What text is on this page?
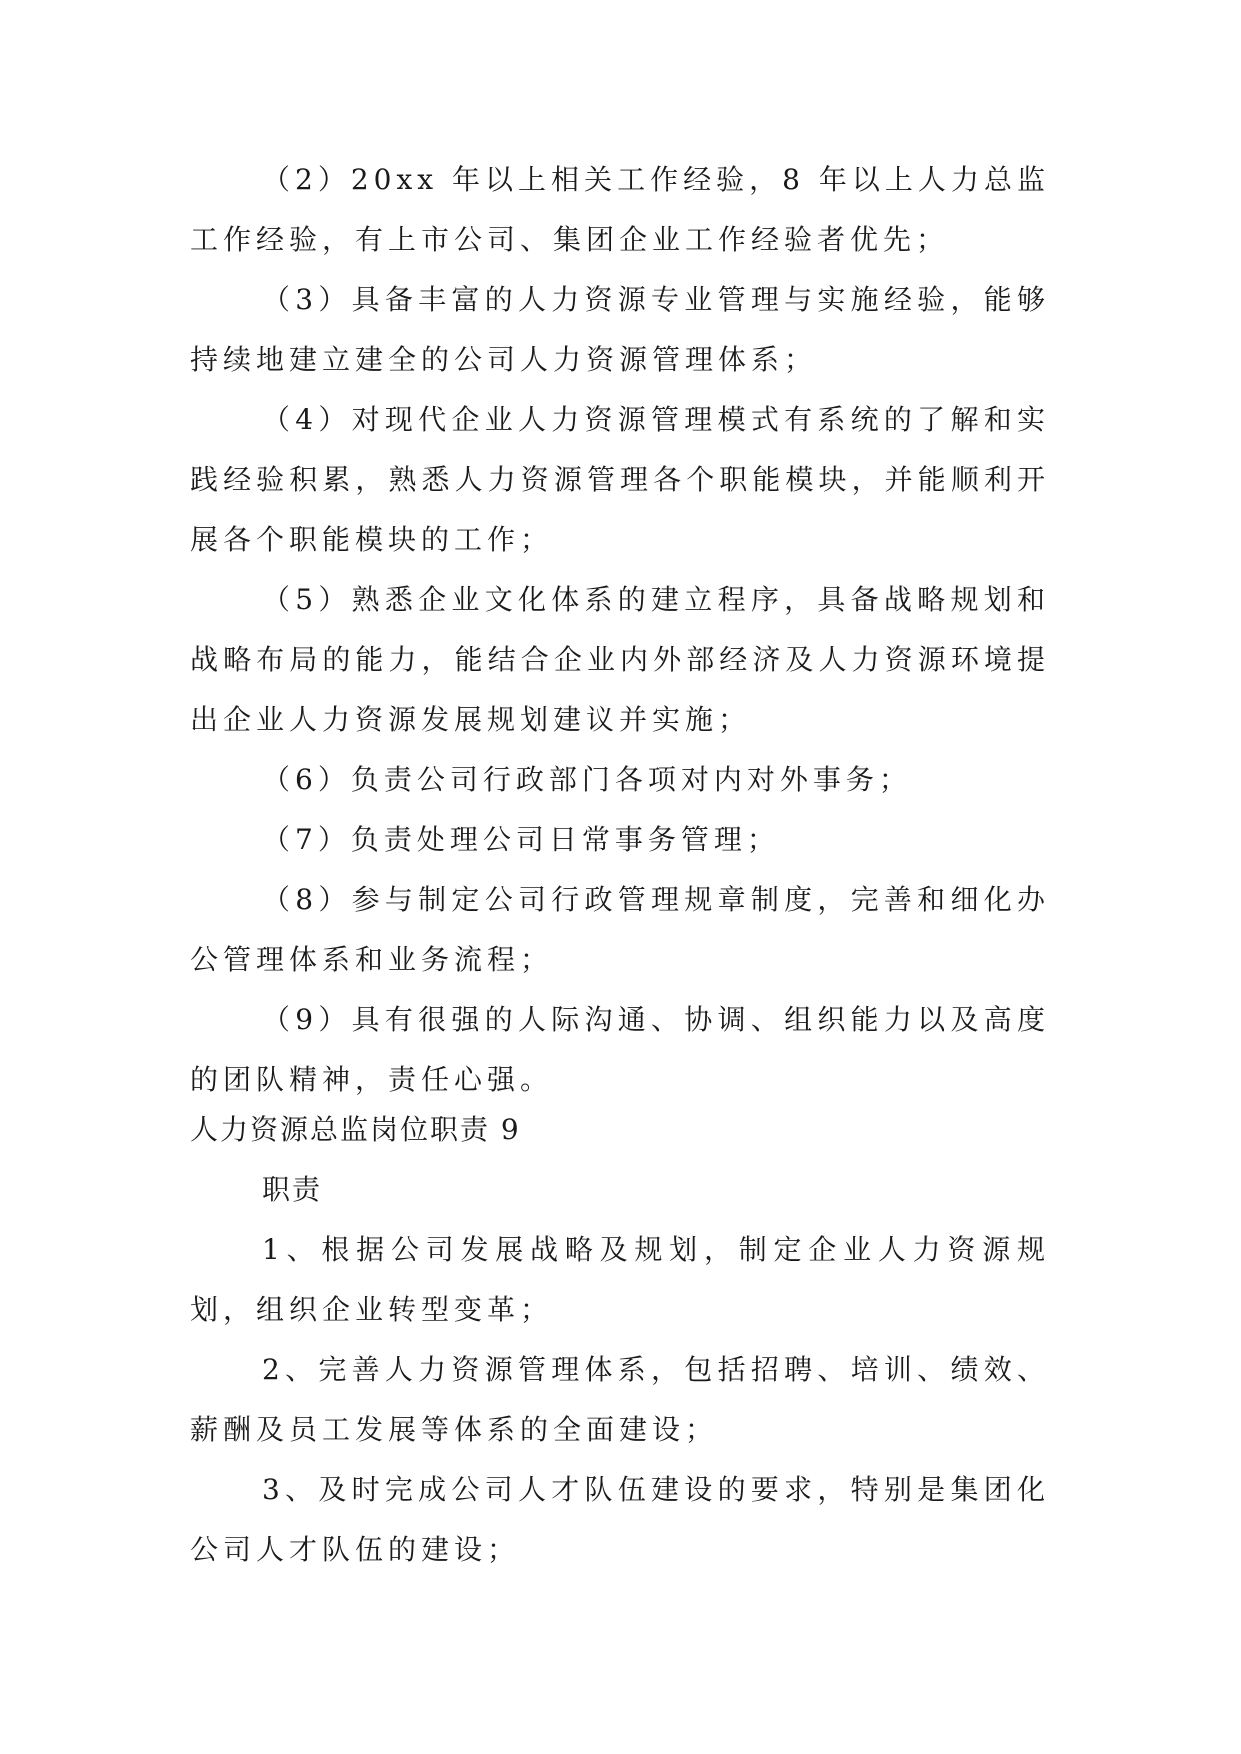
（2）20xx 年以上相关工作经验，8 年以上人力总监工作经验，有上市公司、集团企业工作经验者优先；

（3）具备丰富的人力资源专业管理与实施经验，能够持续地建立建全的公司人力资源管理体系；

（4）对现代企业人力资源管理模式有系统的了解和实践经验积累，熟悉人力资源管理各个职能模块，并能顺利开展各个职能模块的工作；

（5）熟悉企业文化体系的建立程序，具备战略规划和战略布局的能力，能结合企业内外部经济及人力资源环境提出企业人力资源发展规划建议并实施；

（6）负责公司行政部门各项对内对外事务；

（7）负责处理公司日常事务管理；

（8）参与制定公司行政管理规章制度，完善和细化办公管理体系和业务流程；

（9）具有很强的人际沟通、协调、组织能力以及高度的团队精神，责任心强。

人力资源总监岗位职责 9

职责

1、根据公司发展战略及规划，制定企业人力资源规划，组织企业转型变革；

2、完善人力资源管理体系，包括招聘、培训、绩效、薪酬及员工发展等体系的全面建设；

3、及时完成公司人才队伍建设的要求，特别是集团化公司人才队伍的建设；
